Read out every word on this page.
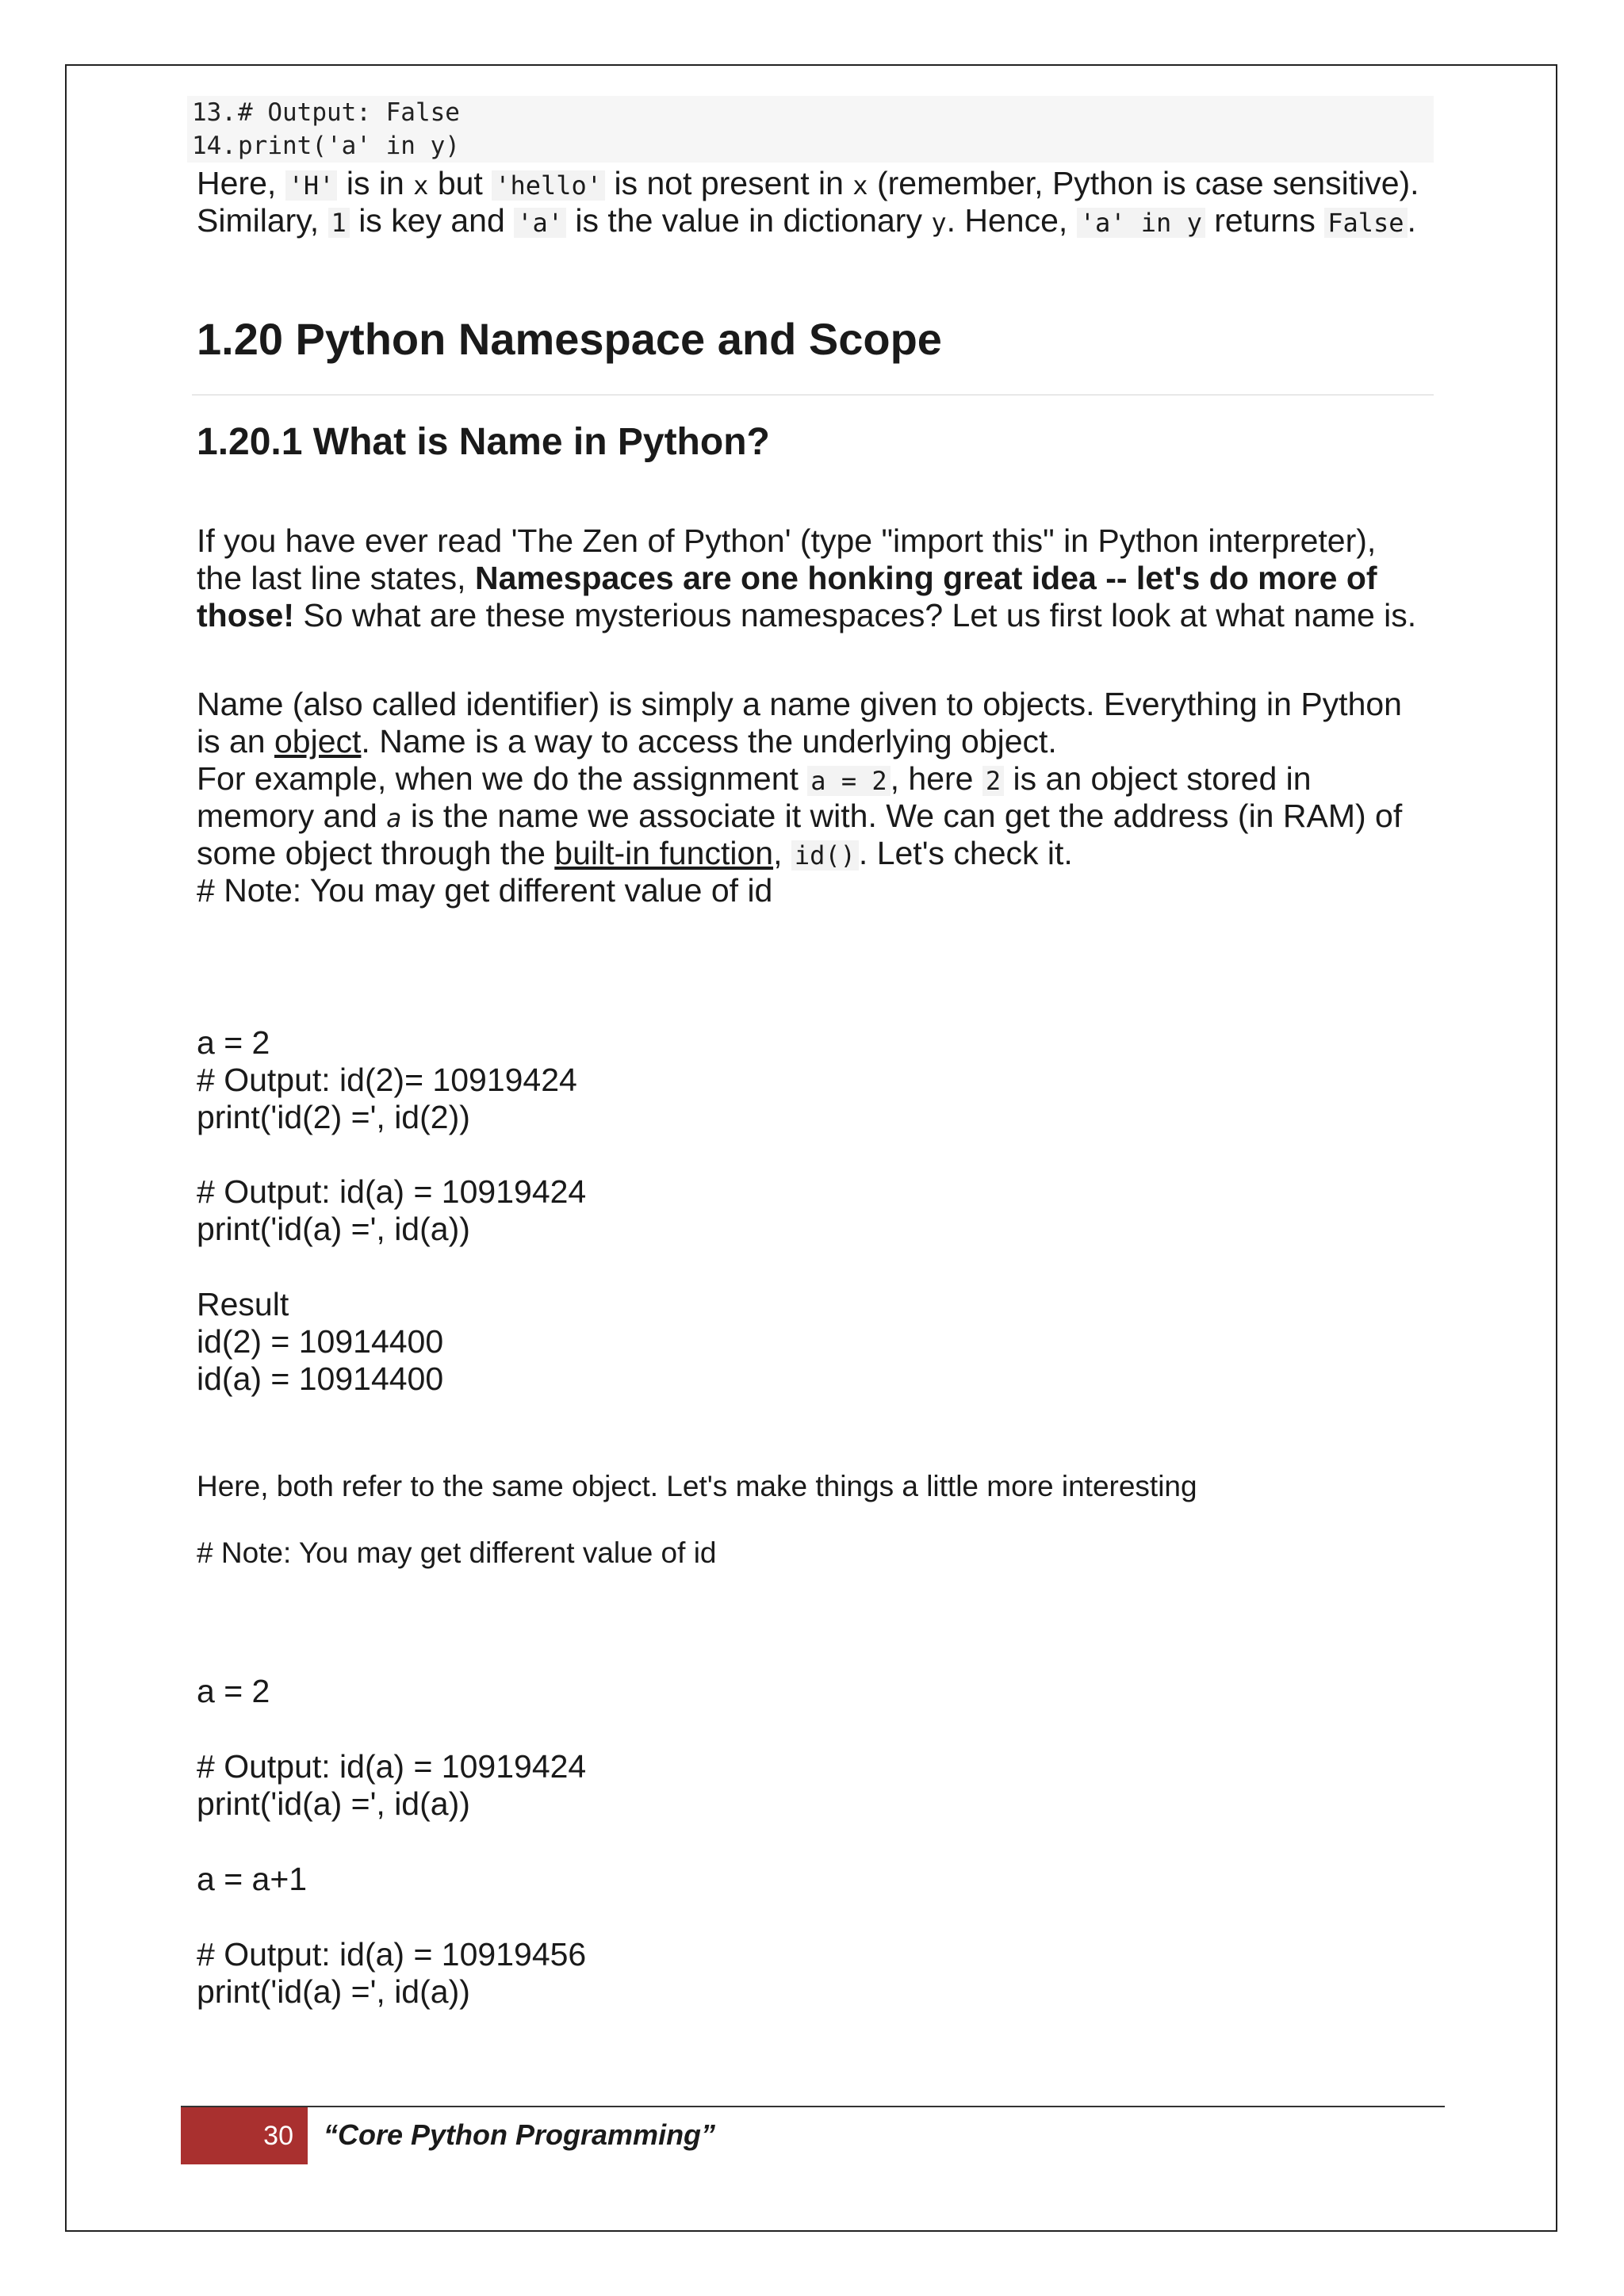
13. # Output: False
14. print('a' in y)
Here, 'H' is in x but 'hello' is not present in x (remember, Python is case sensitive).
Similary, 1 is key and 'a' is the value in dictionary y. Hence, 'a' in y returns False.
1.20 Python Namespace and Scope
1.20.1 What is Name in Python?
If you have ever read 'The Zen of Python' (type "import this" in Python interpreter),
the last line states, Namespaces are one honking great idea -- let's do more of
those! So what are these mysterious namespaces? Let us first look at what name is.
Name (also called identifier) is simply a name given to objects. Everything in Python
is an object. Name is a way to access the underlying object.
For example, when we do the assignment a = 2, here 2 is an object stored in
memory and a is the name we associate it with. We can get the address (in RAM) of
some object through the built-in function, id(). Let's check it.
# Note: You may get different value of id
a = 2
# Output: id(2)= 10919424
print('id(2) =', id(2))
# Output: id(a) = 10919424
print('id(a) =', id(a))
Result
id(2) = 10914400
id(a) = 10914400
Here, both refer to the same object. Let's make things a little more interesting
# Note: You may get different value of id
a = 2
# Output: id(a) = 10919424
print('id(a) =', id(a))
a = a+1
# Output: id(a) = 10919456
print('id(a) =', id(a))
30 “Core Python Programming”
